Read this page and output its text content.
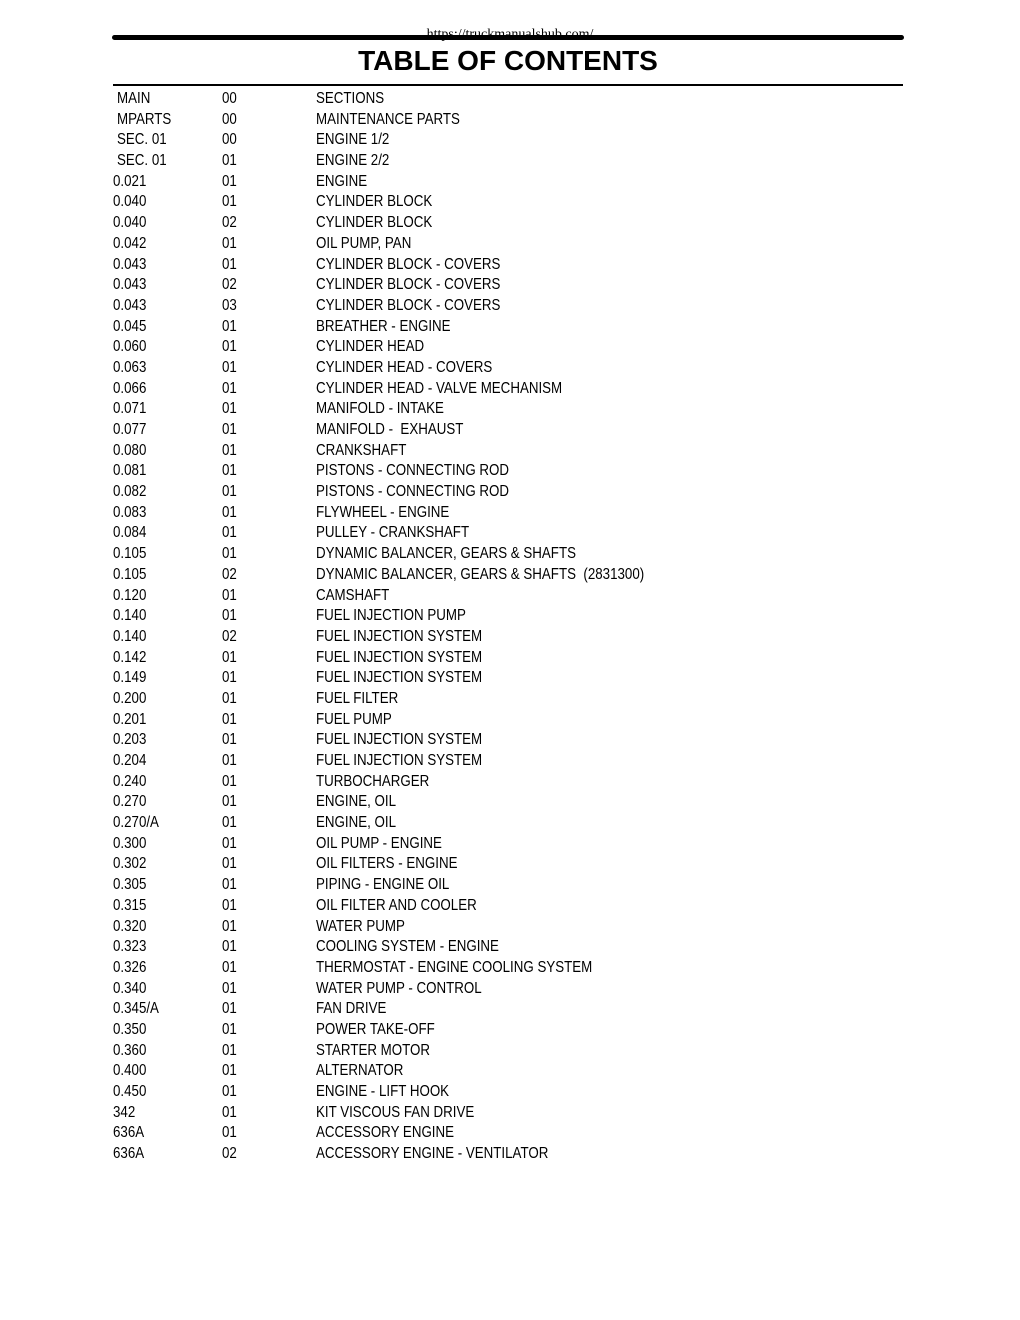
TABLE OF CONTENTS
MAIN	00	SECTIONS
MPARTS	00	MAINTENANCE PARTS
SEC. 01	00	ENGINE 1/2
SEC. 01	01	ENGINE 2/2
0.021	01	ENGINE
0.040	01	CYLINDER BLOCK
0.040	02	CYLINDER BLOCK
0.042	01	OIL PUMP, PAN
0.043	01	CYLINDER BLOCK - COVERS
0.043	02	CYLINDER BLOCK - COVERS
0.043	03	CYLINDER BLOCK - COVERS
0.045	01	BREATHER - ENGINE
0.060	01	CYLINDER HEAD
0.063	01	CYLINDER HEAD - COVERS
0.066	01	CYLINDER HEAD - VALVE MECHANISM
0.071	01	MANIFOLD - INTAKE
0.077	01	MANIFOLD -  EXHAUST
0.080	01	CRANKSHAFT
0.081	01	PISTONS - CONNECTING ROD
0.082	01	PISTONS - CONNECTING ROD
0.083	01	FLYWHEEL - ENGINE
0.084	01	PULLEY - CRANKSHAFT
0.105	01	DYNAMIC BALANCER, GEARS & SHAFTS
0.105	02	DYNAMIC BALANCER, GEARS & SHAFTS  (2831300)
0.120	01	CAMSHAFT
0.140	01	FUEL INJECTION PUMP
0.140	02	FUEL INJECTION SYSTEM
0.142	01	FUEL INJECTION SYSTEM
0.149	01	FUEL INJECTION SYSTEM
0.200	01	FUEL FILTER
0.201	01	FUEL PUMP
0.203	01	FUEL INJECTION SYSTEM
0.204	01	FUEL INJECTION SYSTEM
0.240	01	TURBOCHARGER
0.270	01	ENGINE, OIL
0.270/A	01	ENGINE, OIL
0.300	01	OIL PUMP - ENGINE
0.302	01	OIL FILTERS - ENGINE
0.305	01	PIPING - ENGINE OIL
0.315	01	OIL FILTER AND COOLER
0.320	01	WATER PUMP
0.323	01	COOLING SYSTEM - ENGINE
0.326	01	THERMOSTAT - ENGINE COOLING SYSTEM
0.340	01	WATER PUMP - CONTROL
0.345/A	01	FAN DRIVE
0.350	01	POWER TAKE-OFF
0.360	01	STARTER MOTOR
0.400	01	ALTERNATOR
0.450	01	ENGINE - LIFT HOOK
342	01	KIT VISCOUS FAN DRIVE
636A	01	ACCESSORY ENGINE
636A	02	ACCESSORY ENGINE - VENTILATOR
